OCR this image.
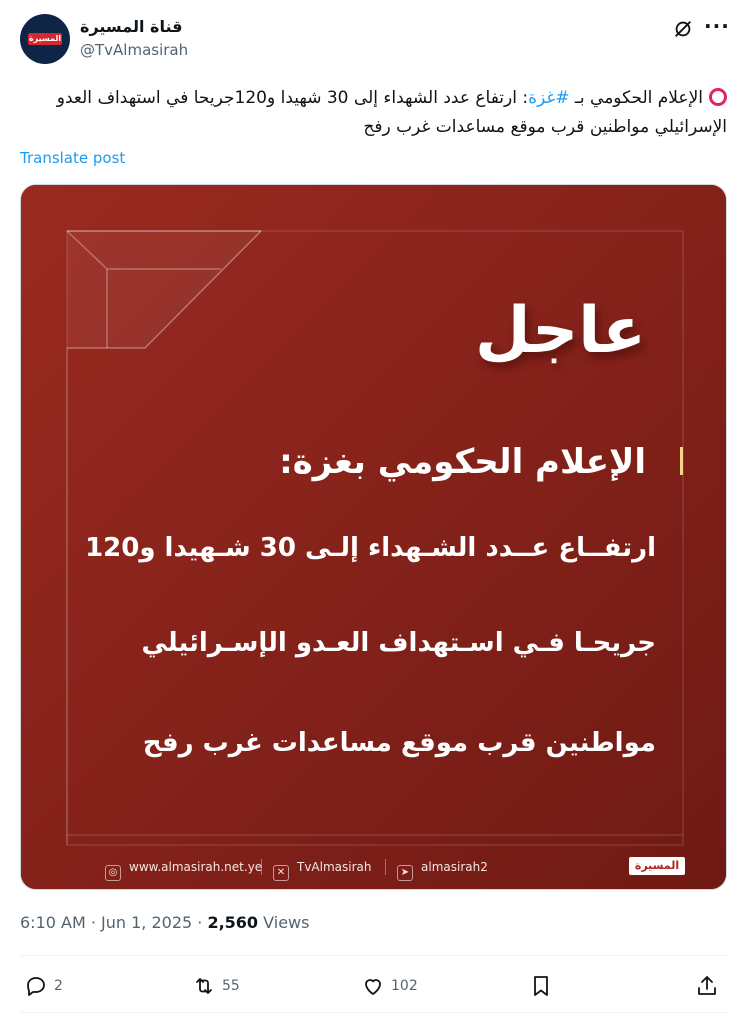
المسيرة
قناة المسيرة
@TvAlmasirah
···
الإعلام الحكومي بـ #غزة: ارتفاع عدد الشهداء إلى 30 شهيدا و120جريحا في استهداف العدو الإسرائيلي مواطنين قرب موقع مساعدات غرب رفح
Translate post
عاجل
الإعلام الحكومي بغزة:
ارتفــاع عــدد الشـهداء إلـى 30 شـهيدا و120
جريحـا فـي اسـتهداف العـدو الإسـرائيلي
مواطنين قرب موقع مساعدات غرب رفح
◎ www.almasirah.net.ye	✕ TvAlmasirah	➤ almasirah2	المسيرة
6:10 AM · Jun 1, 2025 · 2,560 Views
2	55	102
